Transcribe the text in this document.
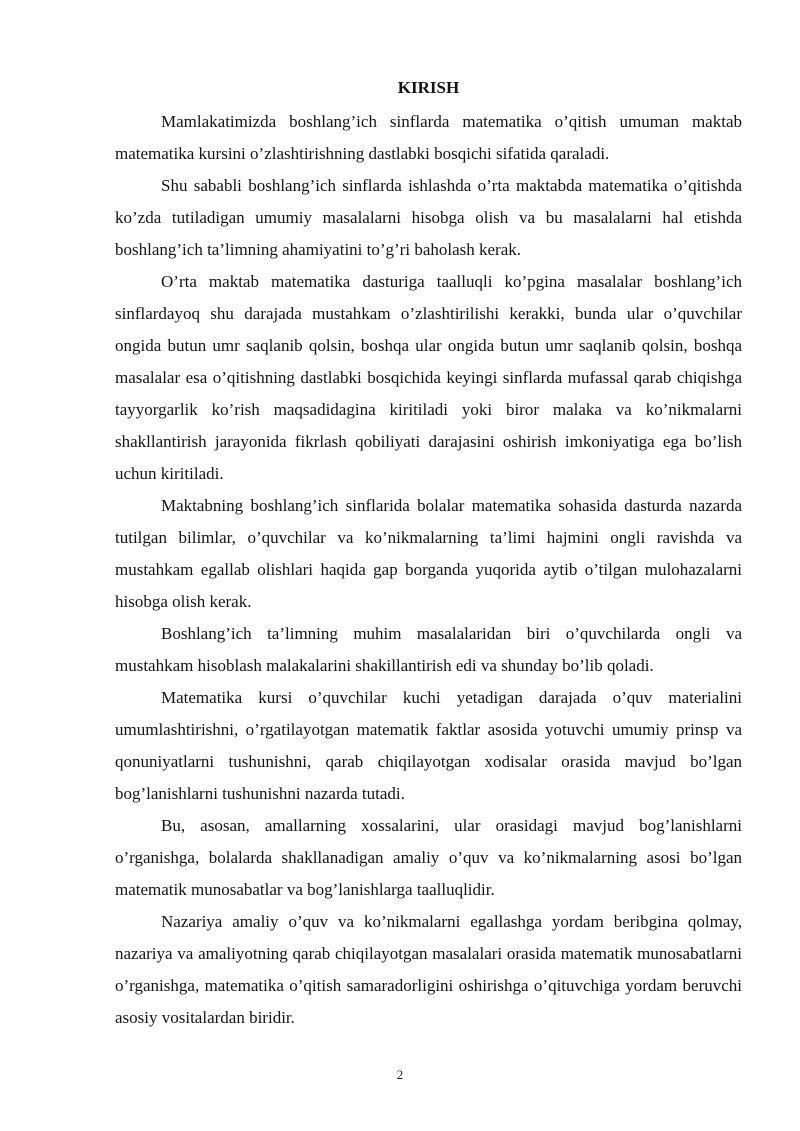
KIRISH

Mamlakatimizda boshlang’ich sinflarda matematika o’qitish umuman maktab matematika kursini o’zlashtirishning dastlabki bosqichi sifatida qaraladi.

Shu sababli boshlang’ich sinflarda ishlashda o’rta maktabda matematika o’qitishda ko’zda tutiladigan umumiy masalalarni hisobga olish va bu masalalarni hal etishda boshlang’ich ta’limning ahamiyatini to’g’ri baholash kerak.

O’rta maktab matematika dasturiga taalluqli ko’pgina masalalar boshlang’ich sinflardayoq shu darajada mustahkam o’zlashtirilishi kerakki, bunda ular o’quvchilar ongida butun umr saqlanib qolsin, boshqa ular ongida butun umr saqlanib qolsin, boshqa masalalar esa o’qitishning dastlabki bosqichida keyingi sinflarda mufassal qarab chiqishga tayyorgarlik ko’rish maqsadidagina kiritiladi yoki biror malaka va ko’nikmalarni shakllantirish jarayonida fikrlash qobiliyati darajasini oshirish imkoniyatiga ega bo’lish uchun kiritiladi.

Maktabning boshlang’ich sinflarida bolalar matematika sohasida dasturda nazarda tutilgan bilimlar, o’quvchilar va ko’nikmalarning ta’limi hajmini ongli ravishda va mustahkam egallab olishlari haqida gap borganda yuqorida aytib o’tilgan mulohazalarni hisobga olish kerak.

Boshlang’ich ta’limning muhim masalalaridan biri o’quvchilarda ongli va mustahkam hisoblash malakalarini shakillantirish edi va shunday bo’lib qoladi.

Matematika kursi o’quvchilar kuchi yetadigan darajada o’quv materialini umumlashtirishni, o’rgatilayotgan matematik faktlar asosida yotuvchi umumiy prinsp va qonuniyatlarni tushunishni, qarab chiqilayotgan xodisalar orasida mavjud bo’lgan bog’lanishlarni tushunishni nazarda tutadi.

Bu, asosan, amallarning xossalarini, ular orasidagi mavjud bog’lanishlarni o’rganishga, bolalarda shakllanadigan amaliy o’quv va ko’nikmalarning asosi bo’lgan matematik munosabatlar va bog’lanishlarga taalluqlidir.

Nazariya amaliy o’quv va ko’nikmalarni egallashga yordam beribgina qolmay, nazariya va amaliyotning qarab chiqilayotgan masalalari orasida matematik munosabatlarni o’rganishga, matematika o’qitish samaradorligini oshirishga o’qituvchiga yordam beruvchi asosiy vositalardan biridir.

2
